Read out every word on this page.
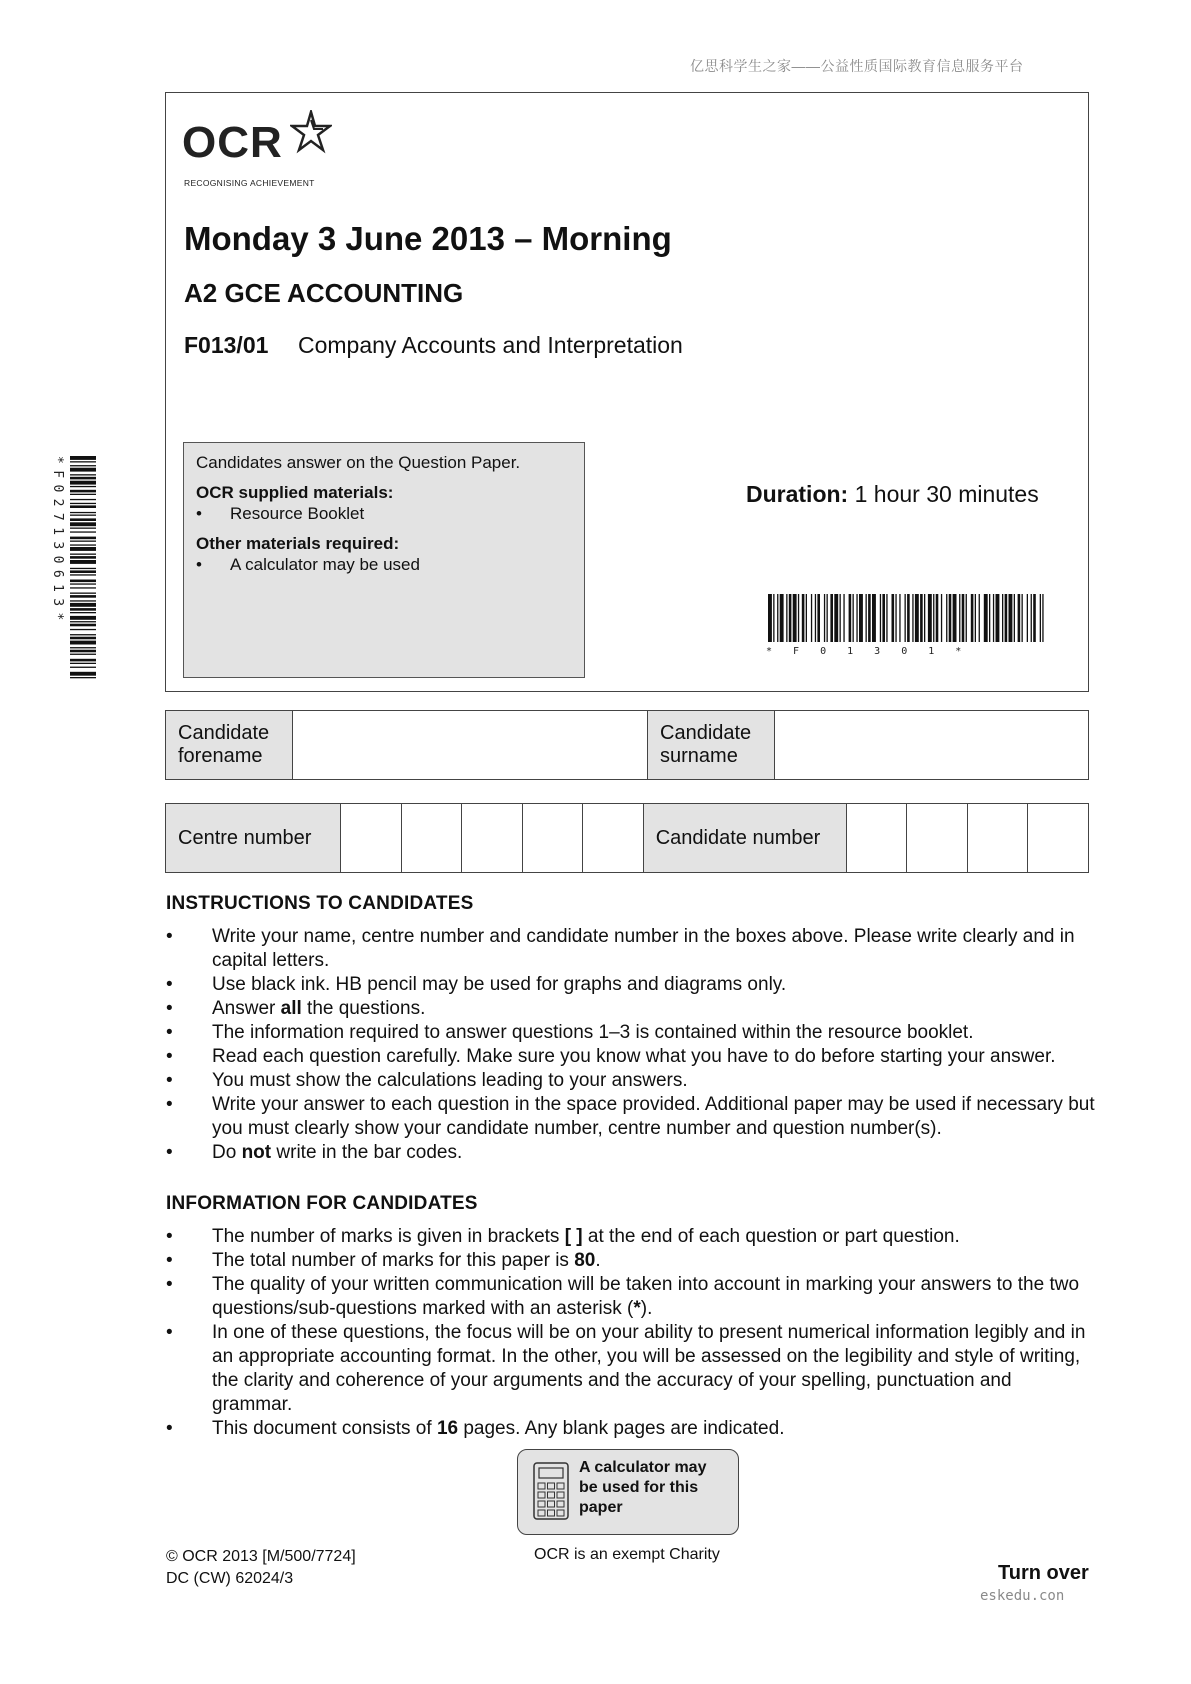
亿思科学生之家——公益性质国际教育信息服务平台
OCR
RECOGNISING ACHIEVEMENT
Monday 3 June 2013 – Morning
A2 GCE ACCOUNTING
F013/01 Company Accounts and Interpretation
Candidates answer on the Question Paper.
OCR supplied materials:
•	Resource Booklet
Other materials required:
•	A calculator may be used
Duration: 1 hour 30 minutes
*F027130613*
* F 0 1 3 0 1 *
Candidate forename		Candidate surname	
Centre number						Candidate number				
INSTRUCTIONS TO CANDIDATES
• Write your name, centre number and candidate number in the boxes above. Please write clearly and in capital letters.
• Use black ink. HB pencil may be used for graphs and diagrams only.
• Answer all the questions.
• The information required to answer questions 1–3 is contained within the resource booklet.
• Read each question carefully. Make sure you know what you have to do before starting your answer.
• You must show the calculations leading to your answers.
• Write your answer to each question in the space provided. Additional paper may be used if necessary but you must clearly show your candidate number, centre number and question number(s).
• Do not write in the bar codes.
INFORMATION FOR CANDIDATES
• The number of marks is given in brackets [ ] at the end of each question or part question.
• The total number of marks for this paper is 80.
• The quality of your written communication will be taken into account in marking your answers to the two questions/sub-questions marked with an asterisk (*).
• In one of these questions, the focus will be on your ability to present numerical information legibly and in an appropriate accounting format. In the other, you will be assessed on the legibility and style of writing, the clarity and coherence of your arguments and the accuracy of your spelling, punctuation and grammar.
• This document consists of 16 pages. Any blank pages are indicated.
A calculator may be used for this paper
© OCR 2013 [M/500/7724]
DC (CW) 62024/3
OCR is an exempt Charity
Turn over
eskedu.con
